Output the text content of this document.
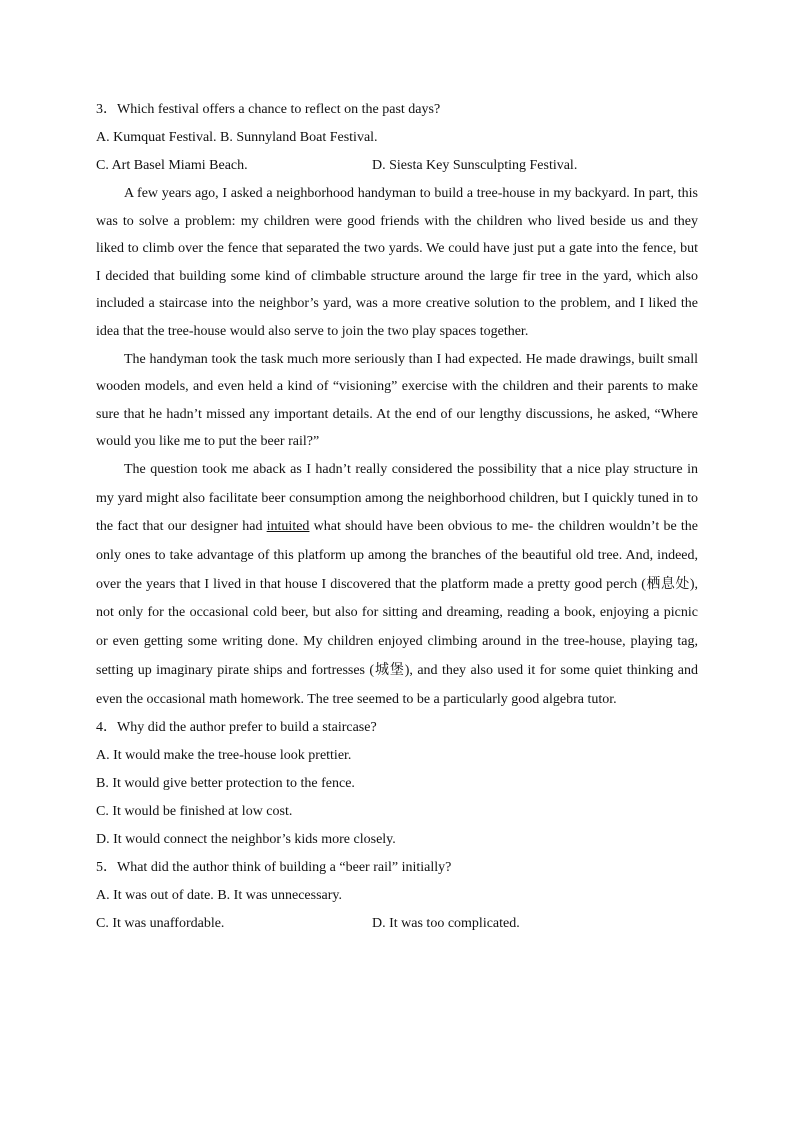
3．Which festival offers a chance to reflect on the past days?

A. Kumquat Festival. B. Sunnyland Boat Festival.

C. Art Basel Miami Beach.	D. Siesta Key Sunsculpting Festival.

A few years ago, I asked a neighborhood handyman to build a tree-house in my backyard. In part, this was to solve a problem: my children were good friends with the children who lived beside us and they liked to climb over the fence that separated the two yards. We could have just put a gate into the fence, but I decided that building some kind of climbable structure around the large fir tree in the yard, which also included a staircase into the neighbor’s yard, was a more creative solution to the problem, and I liked the idea that the tree-house would also serve to join the two play spaces together.

The handyman took the task much more seriously than I had expected. He made drawings, built small wooden models, and even held a kind of “visioning” exercise with the children and their parents to make sure that he hadn’t missed any important details. At the end of our lengthy discussions, he asked, “Where would you like me to put the beer rail?”

The question took me aback as I hadn’t really considered the possibility that a nice play structure in my yard might also facilitate beer consumption among the neighborhood children, but I quickly tuned in to the fact that our designer had intuited what should have been obvious to me- the children wouldn’t be the only ones to take advantage of this platform up among the branches of the beautiful old tree. And, indeed, over the years that I lived in that house I discovered that the platform made a pretty good perch (栖息处), not only for the occasional cold beer, but also for sitting and dreaming, reading a book, enjoying a picnic or even getting some writing done. My children enjoyed climbing around in the tree-house, playing tag, setting up imaginary pirate ships and fortresses (城堡), and they also used it for some quiet thinking and even the occasional math homework. The tree seemed to be a particularly good algebra tutor.

4．Why did the author prefer to build a staircase?

A. It would make the tree-house look prettier.

B. It would give better protection to the fence.

C. It would be finished at low cost.

D. It would connect the neighbor’s kids more closely.

5．What did the author think of building a “beer rail” initially?

A. It was out of date. B. It was unnecessary.

C. It was unaffordable.	D. It was too complicated.
